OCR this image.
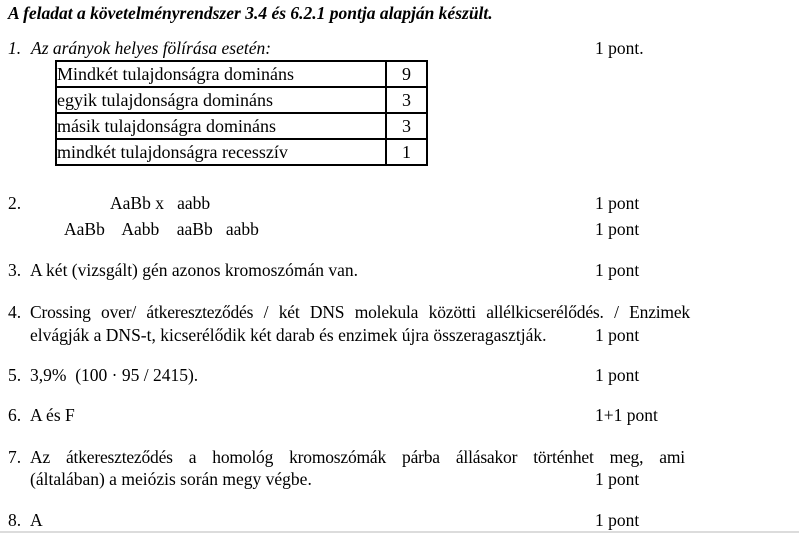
A feladat a követelményrendszer 3.4 és 6.2.1 pontja alapján készült.
1. Az arányok helyes fölírása esetén:	1 pont.
Mindkét tulajdonságra domináns	9
egyik tulajdonságra domináns	3
másik tulajdonságra domináns	3
mindkét tulajdonságra recesszív	1
2.	AaBb x   aabb	1 pont
AaBb    Aabb    aaBb   aabb	1 pont
3. A két (vizsgált) gén azonos kromoszómán van.	1 pont
4. Crossing over/ átkereszteződés / két DNS molekula közötti allélkicserélődés. / Enzimek
elvágják a DNS-t, kicserélődik két darab és enzimek újra összeragasztják.	1 pont
5. 3,9%  (100 · 95 / 2415).	1 pont
6. A és F	1+1 pont
7. Az átkereszteződés a homológ kromoszómák párba állásakor történhet meg, ami
(általában) a meiózis során megy végbe.	1 pont
8. A	1 pont
